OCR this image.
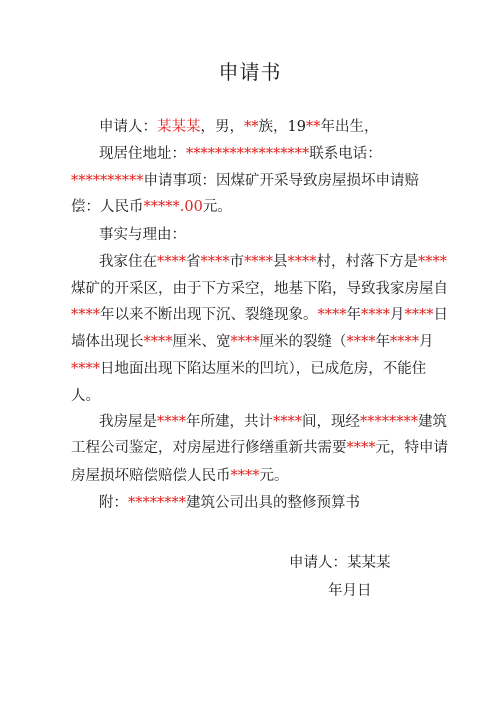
申请书
申请人：某某某，男，**族，19**年出生，
现居住地址：*****************联系电话：
**********申请事项：因煤矿开采导致房屋损坏申请赔
偿：人民币*****.00元。
事实与理由：
我家住在****省****市****县****村，村落下方是****
煤矿的开采区，由于下方采空，地基下陷，导致我家房屋自
****年以来不断出现下沉、裂缝现象。****年****月****日
墙体出现长****厘米、宽****厘米的裂缝（****年****月
****日地面出现下陷达厘米的凹坑），已成危房，不能住
人。
我房屋是****年所建，共计****间，现经********建筑
工程公司鉴定，对房屋进行修缮重新共需要****元，特申请
房屋损坏赔偿赔偿人民币****元。
附：********建筑公司出具的整修预算书
申请人：某某某
年月日
